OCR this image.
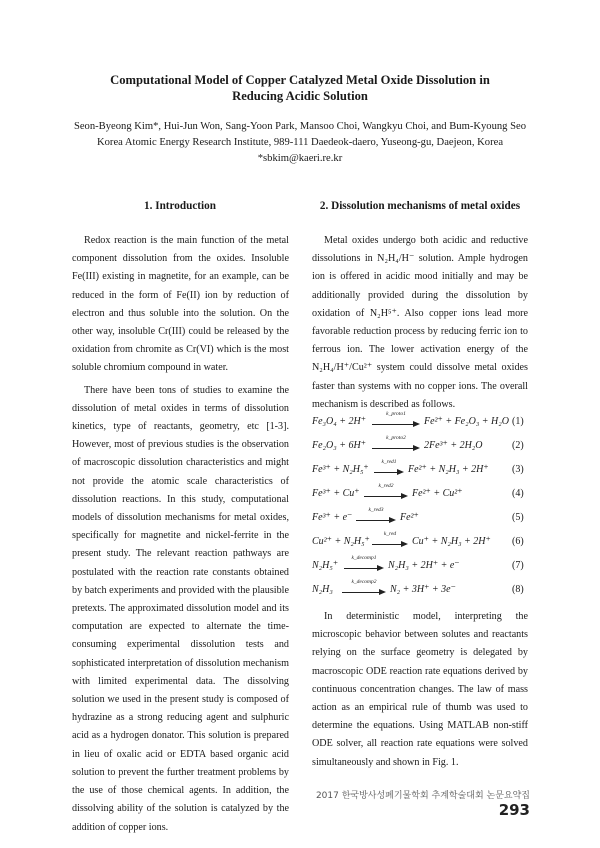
Computational Model of Copper Catalyzed Metal Oxide Dissolution in
Reducing Acidic Solution
Seon-Byeong Kim*, Hui-Jun Won, Sang-Yoon Park, Mansoo Choi, Wangkyu Choi, and Bum-Kyoung Seo
Korea Atomic Energy Research Institute, 989-111 Daedeok-daero, Yuseong-gu, Daejeon, Korea
*sbkim@kaeri.re.kr
1. Introduction	2. Dissolution mechanisms of metal oxides

Redox reaction is the main function of the metal component dissolution from the oxides. Insoluble Fe(III) existing in magnetite, for an example, can be reduced in the form of Fe(II) ion by reduction of electron and thus soluble into the solution. On the other way, insoluble Cr(III) could be released by the oxidation from chromite as Cr(VI) which is the most soluble chromium compound in water.

There have been tons of studies to examine the dissolution of metal oxides in terms of dissolution kinetics, type of reactants, geometry, etc [1-3]. However, most of previous studies is the observation of macroscopic dissolution characteristics and might not provide the atomic scale characteristics of dissolution reactions. In this study, computational models of dissolution mechanisms for metal oxides, specifically for magnetite and nickel-ferrite in the present study. The relevant reaction pathways are postulated with the reaction rate constants obtained by batch experiments and provided with the plausible pretexts. The approximated dissolution model and its computation are expected to alternate the time-consuming experimental dissolution tests and sophisticated interpretation of dissolution mechanism with limited experimental data. The dissolving solution we used in the present study is composed of hydrazine as a strong reducing agent and sulphuric acid as a hydrogen donator. This solution is prepared in lieu of oxalic acid or EDTA based organic acid solution to prevent the further treatment problems by the use of those chemical agents. In addition, the dissolving ability of the solution is catalyzed by the addition of copper ions.

Metal oxides undergo both acidic and reductive dissolutions in N₂H₄/H⁻ solution. Ample hydrogen ion is offered in acidic mood initially and may be additionally provided during the dissolution by oxidation of N₂H⁵⁺. Also copper ions lead more favorable reduction process by reducing ferric ion to ferrous ion. The lower activation energy of the N₂H₄/H⁺/Cu²⁺ system could dissolve metal oxides faster than systems with no copper ions. The overall mechanism is described as follows.

Fe₃O₄ + 2H⁺
k_proto1
Fe²⁺ + Fe₂O₃ + H₂O (1)
Fe₂O₃ + 6H⁺
k_proto2
2Fe³⁺ + 2H₂O	(2)
Fe³⁺ + N₂H₅⁺
k_red1
Fe²⁺ + N₂H₃ + 2H⁺ (3)
Fe³⁺ + Cu⁺
k_red2
Fe²⁺ + Cu²⁺	(4)
Fe³⁺ + e⁻
k_red3
Fe²⁺	(5)
Cu²⁺ + N₂H₅⁺
k_red
Cu⁺ + N₂H₃ + 2H⁺ (6)
N₂H₅⁺
k_decomp1
N₂H₃ + 2H⁺ + e⁻	(7)
N₂H₃
k_decomp2
N₂ + 3H⁺ + 3e⁻	(8)

In deterministic model, interpreting the microscopic behavior between solutes and reactants relying on the surface geometry is delegated by macroscopic ODE reaction rate equations derived by continuous concentration changes. The law of mass action as an empirical rule of thumb was used to determine the equations. Using MATLAB non-stiff ODE solver, all reaction rate equations were solved simultaneously and shown in Fig. 1.

2017 한국방사성폐기물학회 추계학술대회 논문요약집 293
